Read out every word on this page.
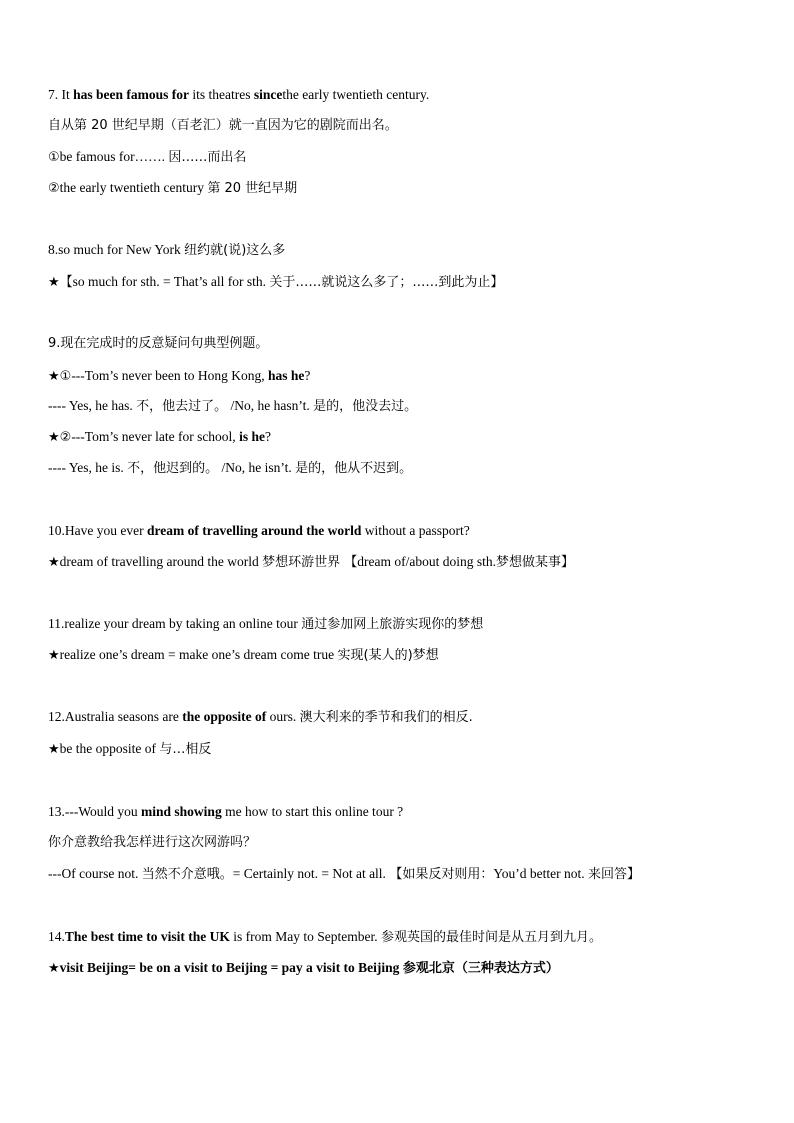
7. It has been famous for its theatres sincethe early twentieth century.
自从第 20 世纪早期（百老汇）就一直因为它的剧院而出名。
①be famous for……. 因……而出名
②the early twentieth century 第 20 世纪早期
8.so much for New York 纽约就(说)这么多
★【so much for sth. = That’s all for sth. 关于……就说这么多了；……到此为止】
9.现在完成时的反意疑问句典型例题。
★①---Tom’s never been to Hong Kong, has he?
---- Yes, he has. 不，他去过了。 /No, he hasn’t. 是的，他没去过。
★②---Tom’s never late for school, is he?
---- Yes, he is. 不，他迟到的。 /No, he isn’t. 是的，他从不迟到。
10.Have you ever dream of travelling around the world without a passport?
★dream of travelling around the world 梦想环游世界 【dream of/about doing sth.梦想做某事】
11.realize your dream by taking an online tour 通过参加网上旅游实现你的梦想
★realize one’s dream = make one’s dream come true 实现(某人的)梦想
12.Australia seasons are the opposite of ours. 澳大利来的季节和我们的相反.
★be the opposite of 与…相反
13.---Would you mind showing me how to start this online tour ?
你介意教给我怎样进行这次网游吗？
---Of course not. 当然不介意哦。= Certainly not. = Not at all. 【如果反对则用：You’d better not. 来回答】
14.The best time to visit the UK is from May to September. 参观英国的最佳时间是从五月到九月。
★visit Beijing= be on a visit to Beijing = pay a visit to Beijing 参观北京（三种表达方式）
